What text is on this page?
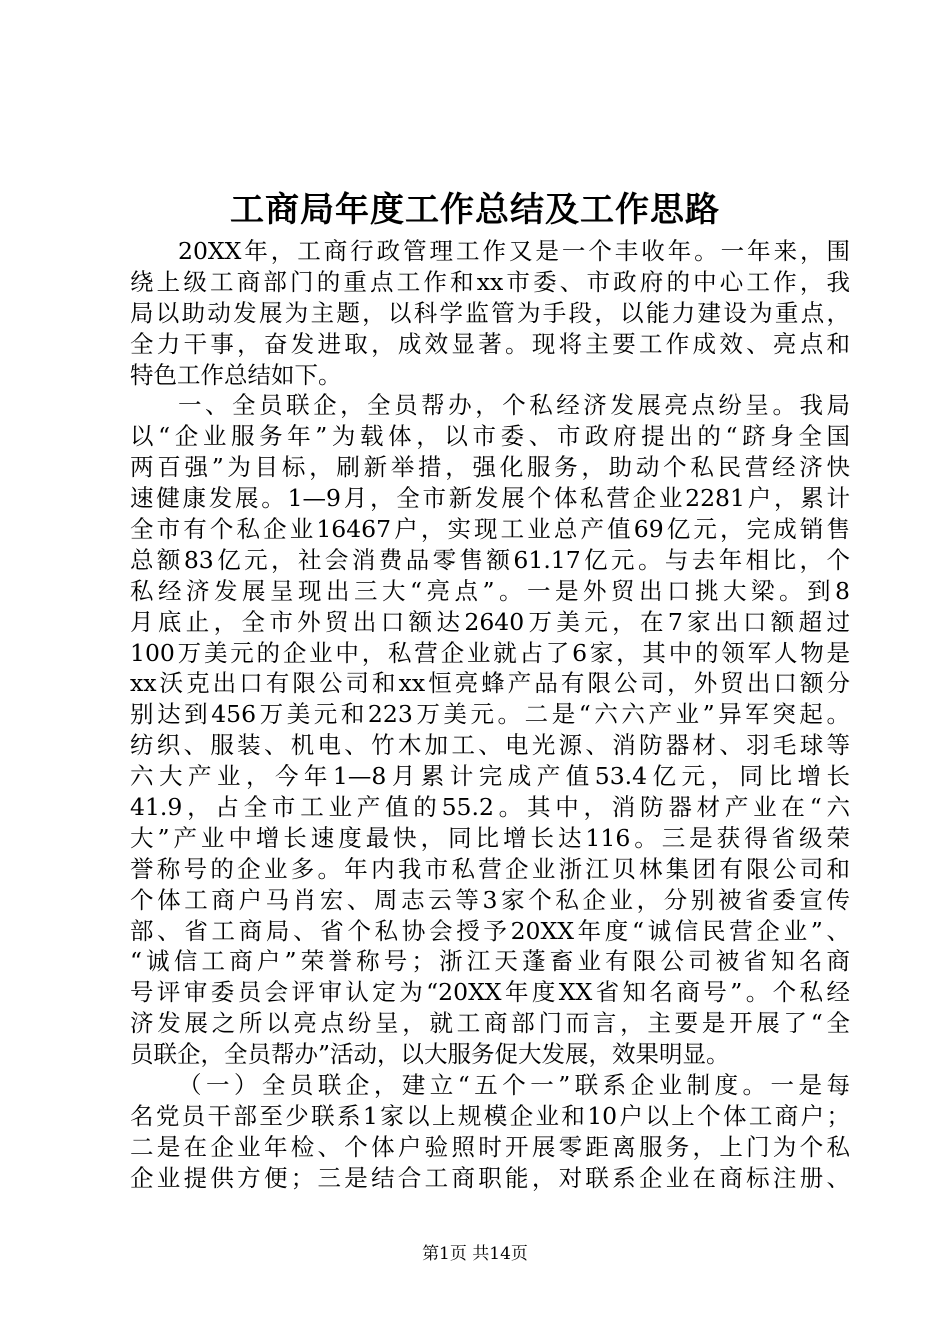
工商局年度工作总结及工作思路
20XX年，工商行政管理工作又是一个丰收年。一年来，围
绕上级工商部门的重点工作和xx市委、市政府的中心工作，我
局以助动发展为主题，以科学监管为手段，以能力建设为重点，
全力干事，奋发进取，成效显著。现将主要工作成效、亮点和
特色工作总结如下。
一、全员联企，全员帮办，个私经济发展亮点纷呈。我局
以“企业服务年”为载体，以市委、市政府提出的“跻身全国
两百强”为目标，刷新举措，强化服务，助动个私民营经济快
速健康发展。1—9月，全市新发展个体私营企业2281户，累计
全市有个私企业16467户，实现工业总产值69亿元，完成销售
总额83亿元，社会消费品零售额61.17亿元。与去年相比，个
私经济发展呈现出三大“亮点”。一是外贸出口挑大梁。到8
月底止，全市外贸出口额达2640万美元，在7家出口额超过
100万美元的企业中，私营企业就占了6家，其中的领军人物是
xx沃克出口有限公司和xx恒亮蜂产品有限公司，外贸出口额分
别达到456万美元和223万美元。二是“六六产业”异军突起。
纺织、服装、机电、竹木加工、电光源、消防器材、羽毛球等
六大产业，今年1—8月累计完成产值53.4亿元，同比增长
41.9，占全市工业产值的55.2。其中，消防器材产业在“六
大”产业中增长速度最快，同比增长达116。三是获得省级荣
誉称号的企业多。年内我市私营企业浙江贝林集团有限公司和
个体工商户马肖宏、周志云等3家个私企业，分别被省委宣传
部、省工商局、省个私协会授予20XX年度“诚信民营企业”、
“诚信工商户”荣誉称号；浙江天蓬畜业有限公司被省知名商
号评审委员会评审认定为“20XX年度XX省知名商号”。个私经
济发展之所以亮点纷呈，就工商部门而言，主要是开展了“全
员联企，全员帮办”活动，以大服务促大发展，效果明显。
（一）全员联企，建立“五个一”联系企业制度。一是每
名党员干部至少联系1家以上规模企业和10户以上个体工商户；
二是在企业年检、个体户验照时开展零距离服务，上门为个私
企业提供方便；三是结合工商职能，对联系企业在商标注册、
第1页 共14页
